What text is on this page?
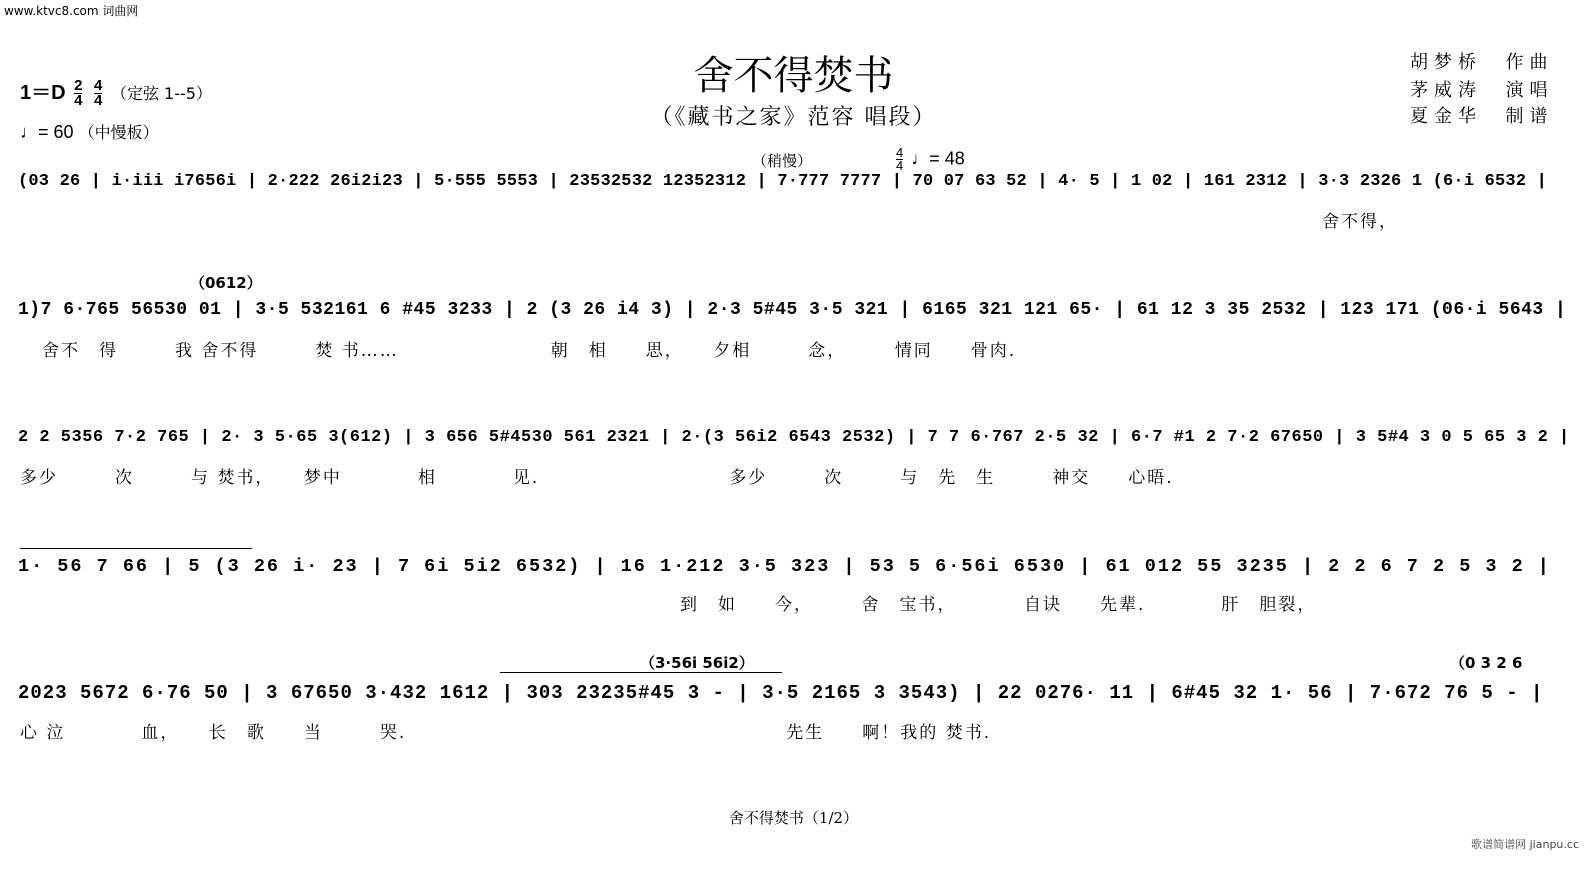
www.ktvc8.com 词曲网
舍不得焚书
（《藏书之家》范容 唱段）
胡梦桥 作曲
茅威涛 演唱
夏金华 制谱
$1=D \frac{2}{4}$
$\frac{4}{4}$ （定弦 1--5）
♩= 60 （中慢板）
（稍慢）	$\frac{4}{4}$ ♩= 48
（0612）
（3·56i 56i2）	（0 3 2 6
(03 26 | i·iii i7656i | 2·222 26i2i23 | 5·555 5553 | 23532532 12352312 | 7·777 7777 | 70 07 63 52 | 4· 5 | 1 02 | 161 2312 | 3·3 2326 1 (6·i 6532 |
舍不得，
1)7 6·765 56530 01 | 3·5 532161 6 #45 3233 | 2 (3 26 i4 3) | 2·3 5#45 3·5 321 | 6165 321 121 65· | 61 12 3 35 2532 | 123 171 (06·i 5643 |
舍不　得　　　我 舍不得　　　焚 书……　　　　　　　　朝　相　　思，　　夕相　　　念，　　　情同　　骨肉.
2 2 5356 7·2 765 | 2· 3 5·65 3(612) | 3 656 5#4530 561 2321 | 2·(3 56i2 6543 2532) | 7 7 6·767 2·5 32 | 6·7 #1 2 7·2 67650 | 3 5#4 3 0 5 65 3 2 |
多少　　　次　　　与 焚书，　　梦中　　　　相　　　　见.　　　　　　　　　　多少　　　次　　　与　先　生　　　神交　　心晤.
1· 56 7 66 | 5 (3 26 i· 23 | 7 6i 5i2 6532) | 16 1·212 3·5 323 | 53 5 6·56i 6530 | 61 012 55 3235 | 2 2 6 7 2 5 3 2 |
到　如　　今，　　　舍　宝书，　　　　自诀　　先辈.　　　　肝　胆裂，
2023 5672 6·76 50 | 3 67650 3·432 1612 | 303 23235#45 3 - | 3·5 2165 3 3543) | 22 0276· 11 | 6#45 32 1· 56 | 7·672 76 5 - |
心 泣　　　　血，　　长　歌　　当　　　哭.　　　　　　　　　　　　　　　　　　　　先生　　啊！我的 焚书.
舍不得焚书（1/2）
歌谱简谱网 jianpu.cc
